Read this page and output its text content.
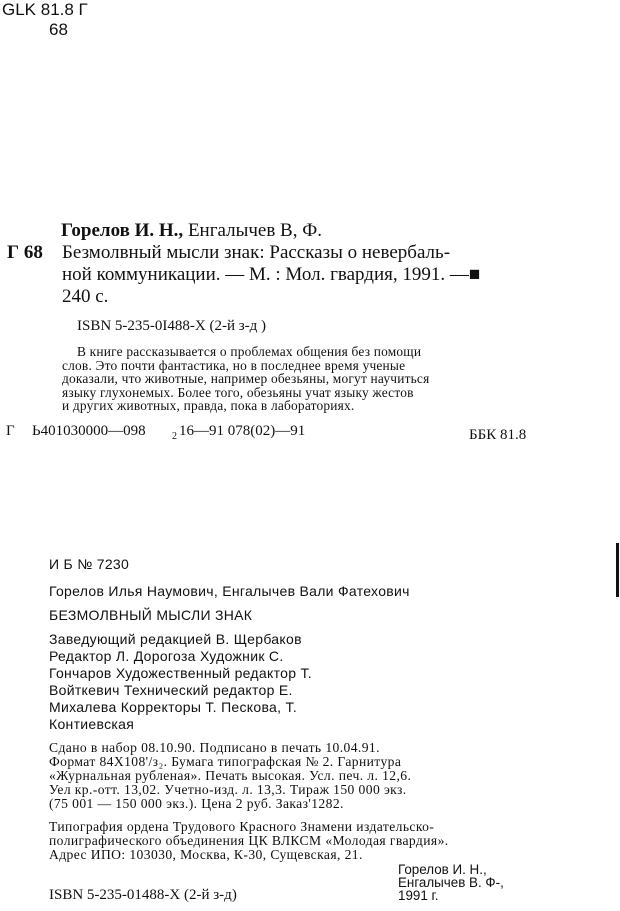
GLK 81.8 Г
68
Горелов И. Н., Енгалычев В, Ф.
Г 68 Безмолвный мысли знак: Рассказы о невербаль-
ной коммуникации. — М. : Мол. гвардия, 1991. —■
240 с.
ISBN 5-235-0I488-X (2-й з-д )
В книге рассказывается о проблемах общения без помощи
слов. Это почти фантастика, но в последнее время ученые
доказали, что животные, например обезьяны, могут научиться
языку глухонемых. Более того, обезьяны учат языку жестов
и других животных, правда, пока в лабораториях.
Г Ь401030000—098	2 16—91 078(02)—91	ББК 81.8
И Б № 7230
Горелов Илья Наумович, Енгалычев Вали Фатехович
БЕЗМОЛВНЫЙ МЫСЛИ ЗНАК
Заведующий редакцией В. Щербаков
Редактор Л. Дорогоза Художник С.
Гончаров Художественный редактор Т.
Войткевич Технический редактор Е.
Михалева Корректоры Т. Пескова, Т.
Контиевская
Сдано в набор 08.10.90. Подписано в печать 10.04.91.
Формат 84Х108'/з₂. Бумага типографская № 2. Гарнитура
«Журнальная рубленая». Печать высокая. Усл. печ. л. 12,6.
Уел кр.-отт. 13,02. Учетно-изд. л. 13,3. Тираж 150 000 экз.
(75 001 — 150 000 экз.). Цена 2 руб. Заказ'1282.
Типография ордена Трудового Красного Знамени издательско-
полиграфического объединения ЦК ВЛКСМ «Молодая гвардия».
Адрес ИПО: 103030, Москва, К-30, Сущевская, 21.
ISBN 5-235-01488-X (2-й з-д)
Горелов И. Н.,
Енгалычев В. Ф-,
1991 г.
